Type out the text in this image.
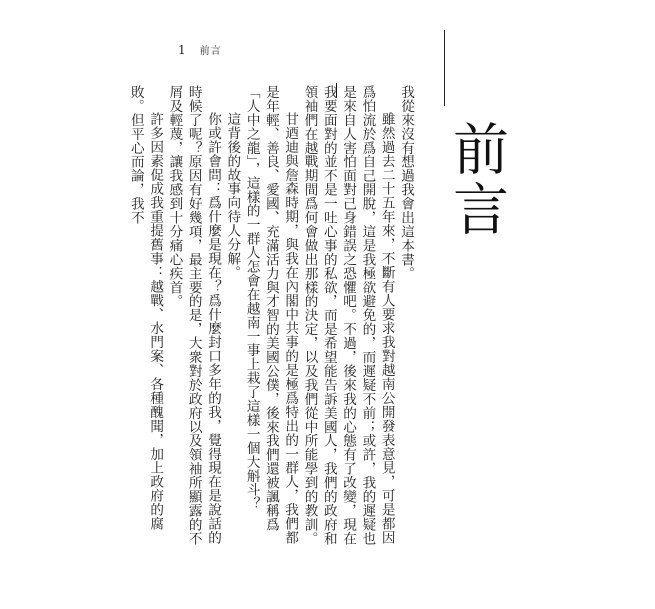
1 前言
前言

我從來沒有想過我會出這本書。

雖然過去二十五年來，不斷有人要求我對越南公開發表意見，可是都因爲怕流於爲自己開脫，這是我極欲避免的，而遲疑不前；或許，我的遲疑也是來自人害怕面對己身錯誤之恐懼吧。不過，後來我的心態有了改變，現在我要面對的並不是一吐心事的私欲，而是希望能告訴美國人，我們的政府和領袖們在越戰期間爲何會做出那樣的決定，以及我們從中所能學到的教訓。

甘迺迪與詹森時期，與我在內閣中共事的是極爲特出的一群人，我們都是年輕、善良、愛國、充滿活力與才智的美國公僕，後來我們還被諷稱爲「人中之龍」，這樣的一群人怎會在越南一事上栽了這樣一個大斛斗？

這背後的故事向待人分解。

你或許會問：爲什麼是現在？爲什麼封口多年的我，覺得現在是說話的時候了呢？原因有好幾項，最主要的是，大衆對於政府以及領袖所顯露的不屑及輕蔑，讓我感到十分痛心疾首。

許多因素促成我重提舊事：越戰、水門案、各種醜聞，加上政府的腐敗。但平心而論，我不
